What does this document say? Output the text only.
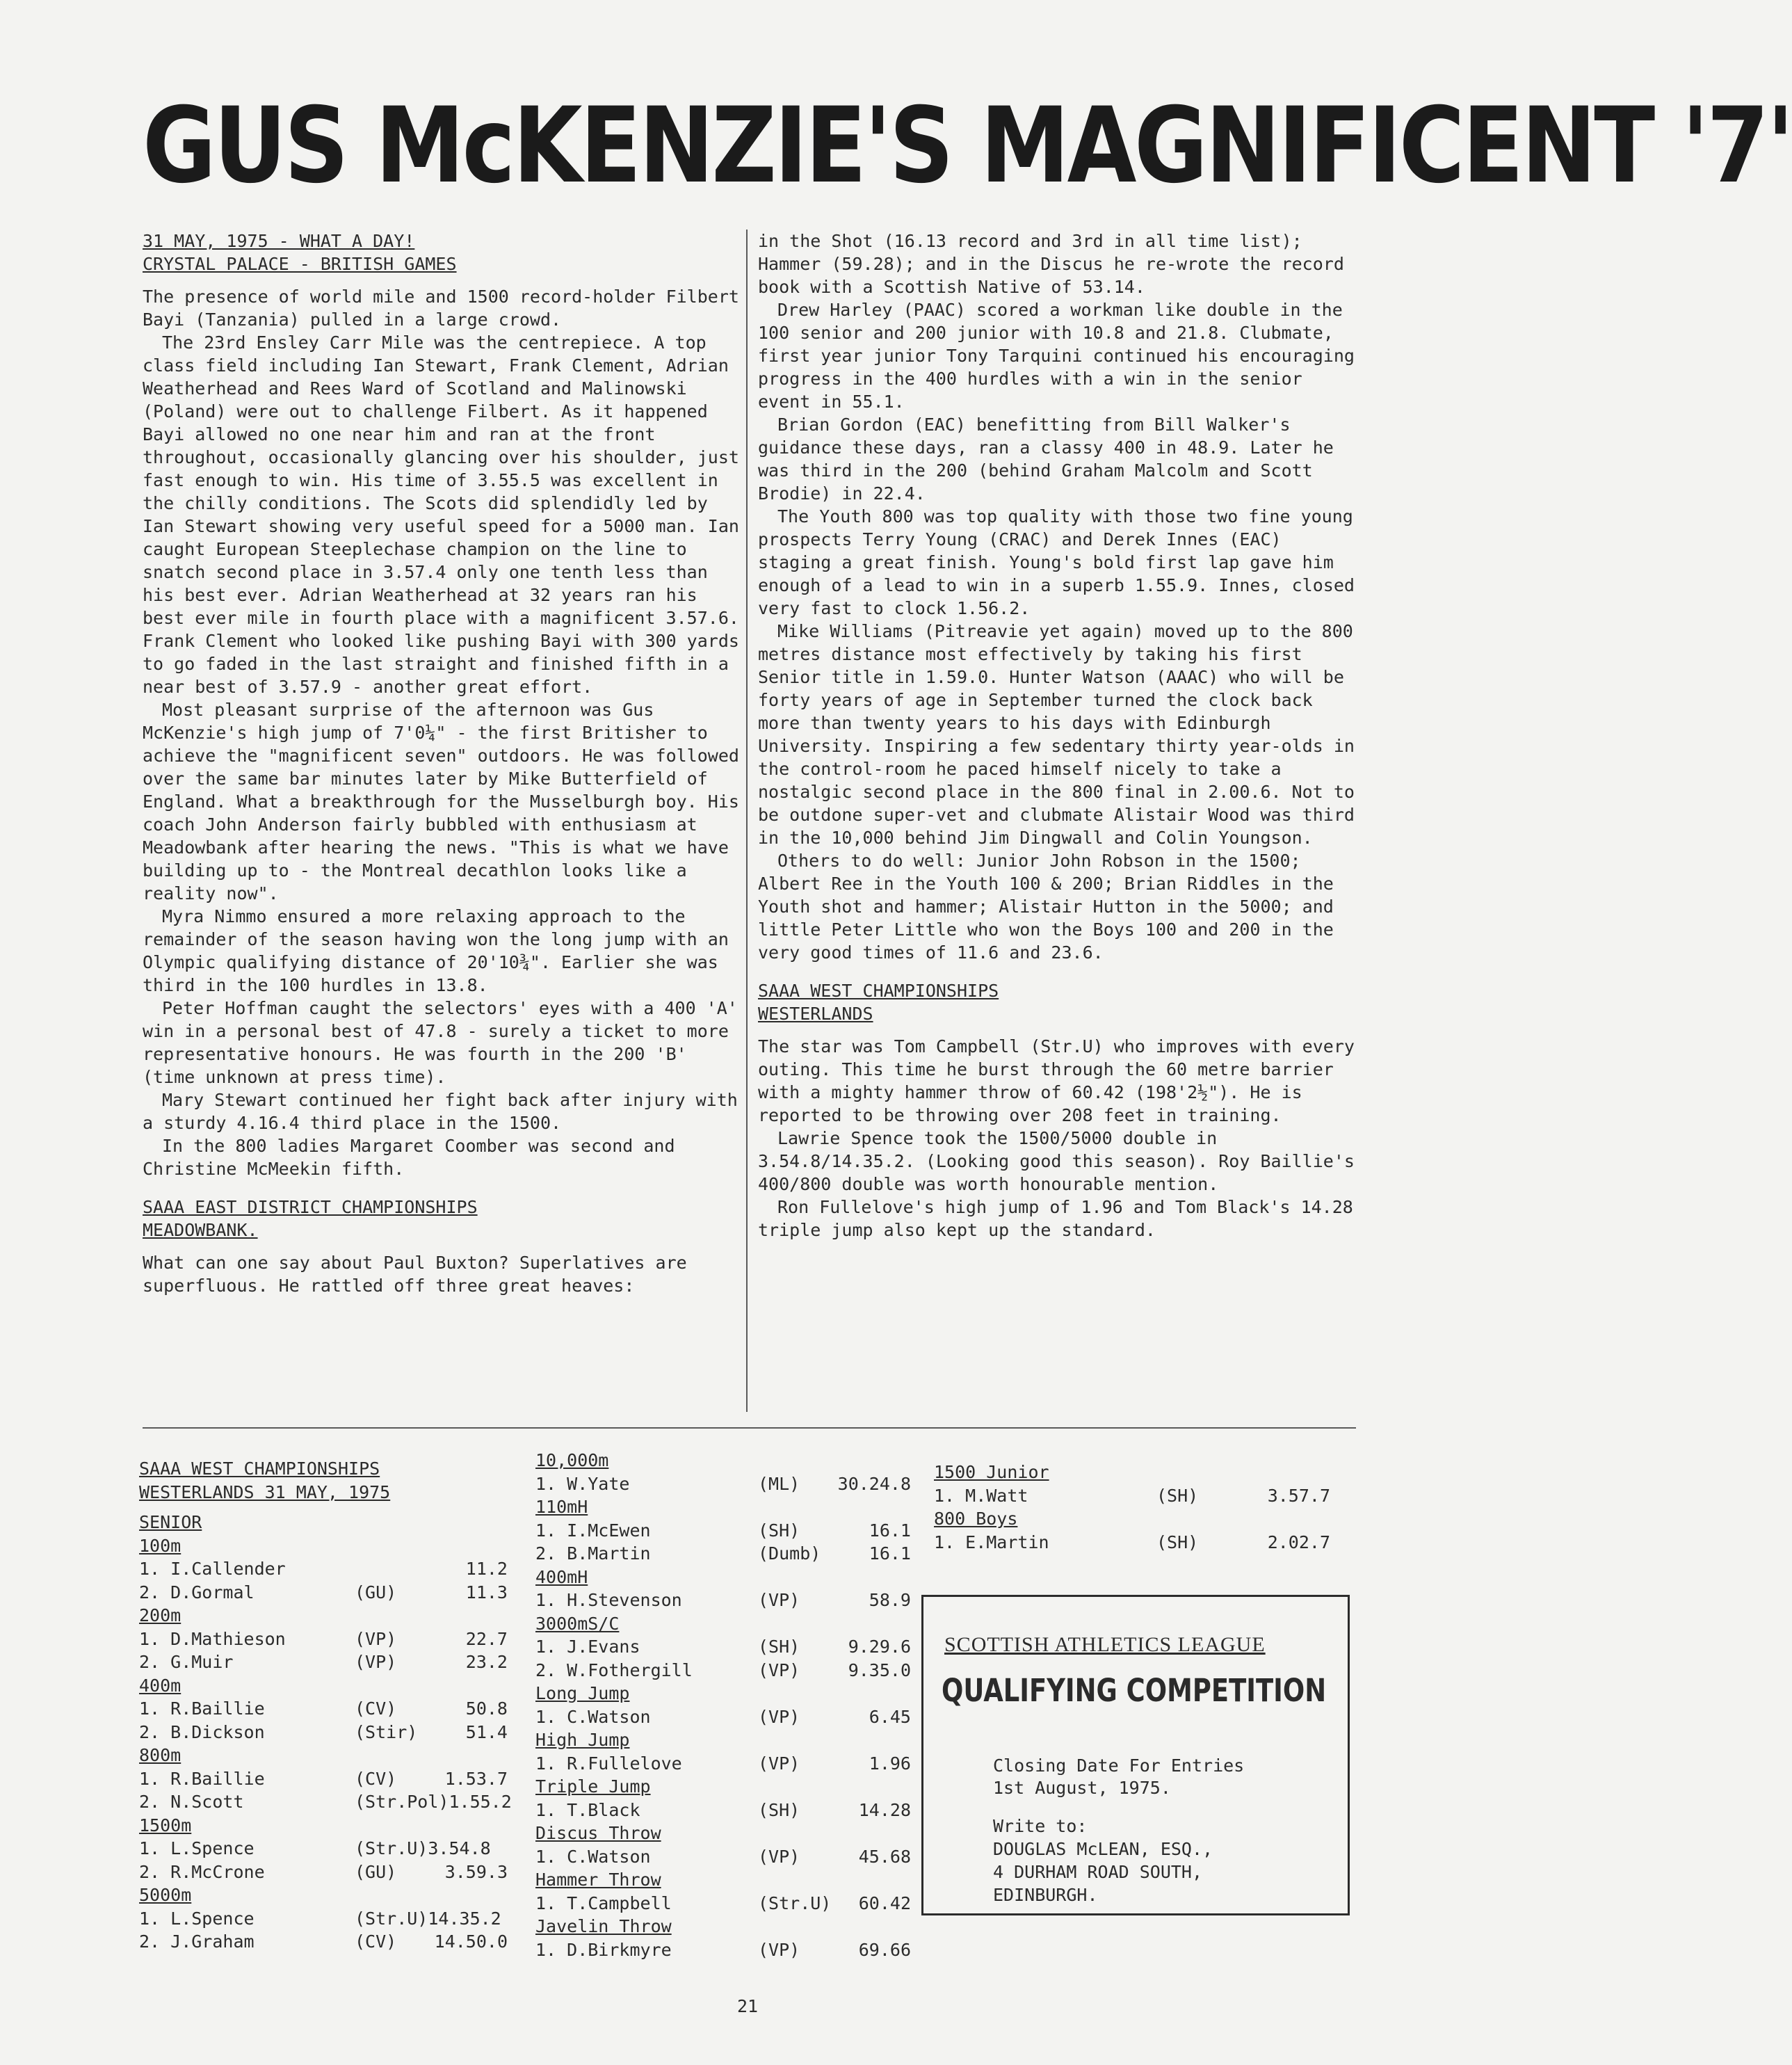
GUS McKENZIE'S MAGNIFICENT '7'
31 MAY, 1975 - WHAT A DAY!
CRYSTAL PALACE - BRITISH GAMES

The presence of world mile and 1500 record-holder Filbert Bayi (Tanzania) pulled in a large crowd.

The 23rd Ensley Carr Mile was the centrepiece. A top class field including Ian Stewart, Frank Clement, Adrian Weatherhead and Rees Ward of Scotland and Malinowski (Poland) were out to challenge Filbert. As it happened Bayi allowed no one near him and ran at the front throughout, occasionally glancing over his shoulder, just fast enough to win. His time of 3.55.5 was excellent in the chilly conditions. The Scots did splendidly led by Ian Stewart showing very useful speed for a 5000 man. Ian caught European Steeplechase champion on the line to snatch second place in 3.57.4 only one tenth less than his best ever. Adrian Weatherhead at 32 years ran his best ever mile in fourth place with a magnificent 3.57.6. Frank Clement who looked like pushing Bayi with 300 yards to go faded in the last straight and finished fifth in a near best of 3.57.9 - another great effort.

Most pleasant surprise of the afternoon was Gus McKenzie's high jump of 7'0¼" - the first Britisher to achieve the "magnificent seven" outdoors. He was followed over the same bar minutes later by Mike Butterfield of England. What a breakthrough for the Musselburgh boy. His coach John Anderson fairly bubbled with enthusiasm at Meadowbank after hearing the news. "This is what we have building up to - the Montreal decathlon looks like a reality now".

Myra Nimmo ensured a more relaxing approach to the remainder of the season having won the long jump with an Olympic qualifying distance of 20'10¾". Earlier she was third in the 100 hurdles in 13.8.

Peter Hoffman caught the selectors' eyes with a 400 'A' win in a personal best of 47.8 - surely a ticket to more representative honours. He was fourth in the 200 'B' (time unknown at press time).

Mary Stewart continued her fight back after injury with a sturdy 4.16.4 third place in the 1500.

In the 800 ladies Margaret Coomber was second and Christine McMeekin fifth.

SAAA EAST DISTRICT CHAMPIONSHIPS
MEADOWBANK.

What can one say about Paul Buxton? Superlatives are superfluous. He rattled off three great heaves:

in the Shot (16.13 record and 3rd in all time list); Hammer (59.28); and in the Discus he re-wrote the record book with a Scottish Native of 53.14.

Drew Harley (PAAC) scored a workman like double in the 100 senior and 200 junior with 10.8 and 21.8. Clubmate, first year junior Tony Tarquini continued his encouraging progress in the 400 hurdles with a win in the senior event in 55.1.

Brian Gordon (EAC) benefitting from Bill Walker's guidance these days, ran a classy 400 in 48.9. Later he was third in the 200 (behind Graham Malcolm and Scott Brodie) in 22.4.

The Youth 800 was top quality with those two fine young prospects Terry Young (CRAC) and Derek Innes (EAC) staging a great finish. Young's bold first lap gave him enough of a lead to win in a superb 1.55.9. Innes, closed very fast to clock 1.56.2.

Mike Williams (Pitreavie yet again) moved up to the 800 metres distance most effectively by taking his first Senior title in 1.59.0. Hunter Watson (AAAC) who will be forty years of age in September turned the clock back more than twenty years to his days with Edinburgh University. Inspiring a few sedentary thirty year-olds in the control-room he paced himself nicely to take a nostalgic second place in the 800 final in 2.00.6. Not to be outdone super-vet and clubmate Alistair Wood was third in the 10,000 behind Jim Dingwall and Colin Youngson.

Others to do well: Junior John Robson in the 1500; Albert Ree in the Youth 100 & 200; Brian Riddles in the Youth shot and hammer; Alistair Hutton in the 5000; and little Peter Little who won the Boys 100 and 200 in the very good times of 11.6 and 23.6.

SAAA WEST CHAMPIONSHIPS
WESTERLANDS

The star was Tom Campbell (Str.U) who improves with every outing. This time he burst through the 60 metre barrier with a mighty hammer throw of 60.42 (198'2½"). He is reported to be throwing over 208 feet in training.

Lawrie Spence took the 1500/5000 double in 3.54.8/14.35.2. (Looking good this season). Roy Baillie's 400/800 double was worth honourable mention.

Ron Fullelove's high jump of 1.96 and Tom Black's 14.28 triple jump also kept up the standard.

SAAA WEST CHAMPIONSHIPS
WESTERLANDS 31 MAY, 1975
SENIOR
100m
1. I.Callender	11.2
2. D.Gormal	(GU)	11.3
200m
1. D.Mathieson	(VP)	22.7
2. G.Muir	(VP)	23.2
400m
1. R.Baillie	(CV)	50.8
2. B.Dickson	(Stir)	51.4
800m
1. R.Baillie	(CV)	1.53.7
2. N.Scott	(Str.Pol)1.55.2
1500m
1. L.Spence	(Str.U)3.54.8
2. R.McCrone	(GU)	3.59.3
5000m
1. L.Spence	(Str.U)14.35.2
2. J.Graham	(CV) 14.50.0
10,000m
1. W.Yate	(ML) 30.24.8
110mH
1. I.McEwen	(SH)	16.1
2. B.Martin	(Dumb)	16.1
400mH
1. H.Stevenson	(VP)	58.9
3000mS/C
1. J.Evans	(SH)	9.29.6
2. W.Fothergill	(VP)	9.35.0
Long Jump
1. C.Watson	(VP)	6.45
High Jump
1. R.Fullelove	(VP)	1.96
Triple Jump
1. T.Black	(SH)	14.28
Discus Throw
1. C.Watson	(VP)	45.68
Hammer Throw
1. T.Campbell	(Str.U) 60.42
Javelin Throw
1. D.Birkmyre	(VP)	69.66
1500 Junior
1. M.Watt	(SH)	3.57.7
800 Boys
1. E.Martin	(SH)	2.02.7
SCOTTISH ATHLETICS LEAGUE
QUALIFYING COMPETITION
Closing Date For Entries
1st August, 1975.
Write to:
DOUGLAS McLEAN, ESQ.,
4 DURHAM ROAD SOUTH,
EDINBURGH.
21
